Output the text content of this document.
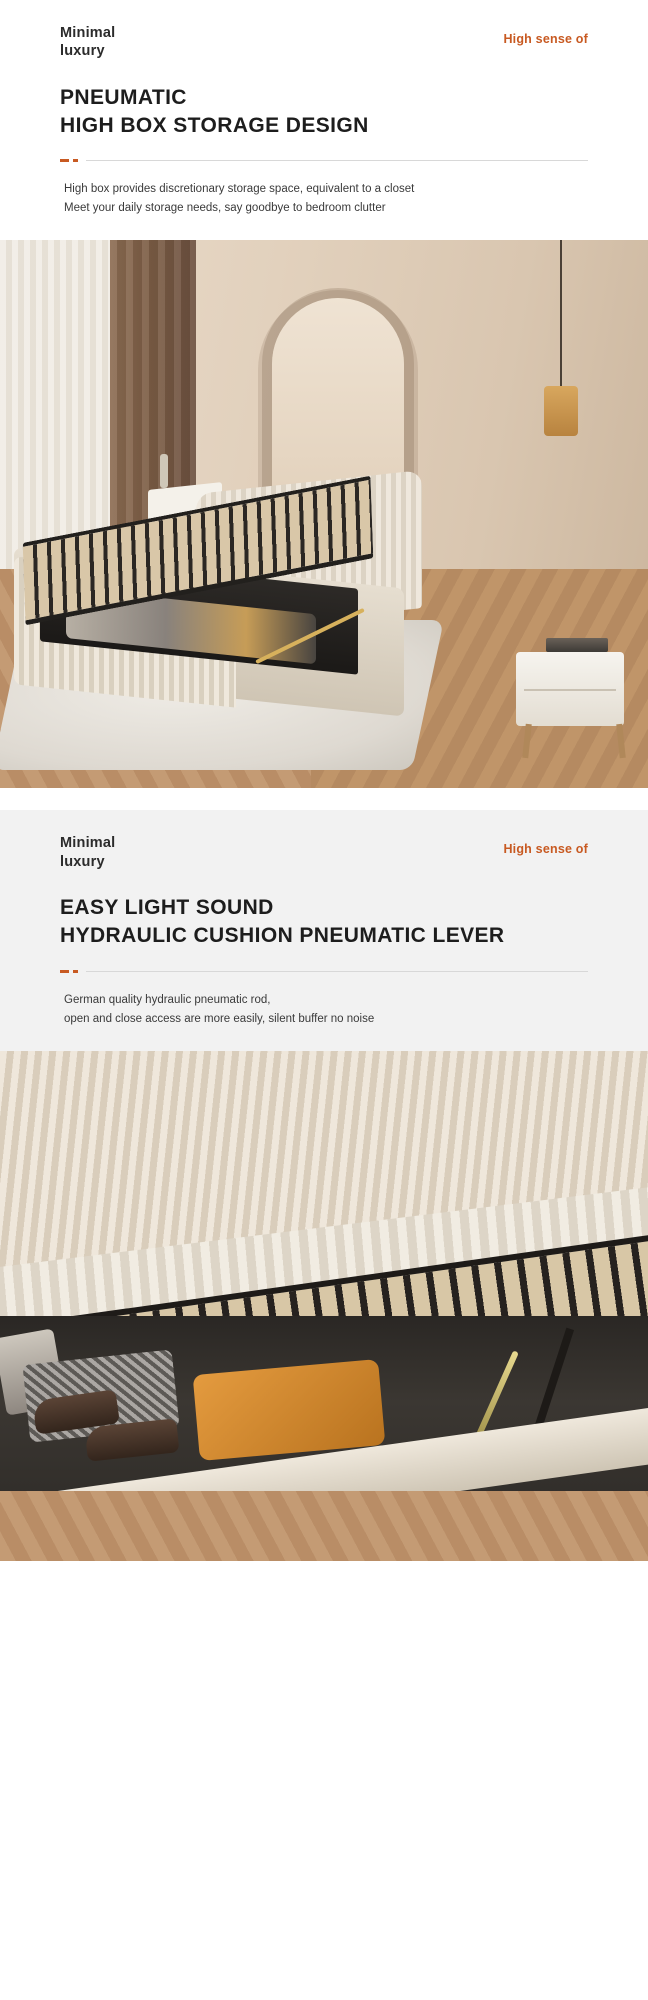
Minimal
luxury
High sense of
PNEUMATIC
HIGH BOX STORAGE DESIGN
High box provides discretionary storage space, equivalent to a closet
Meet your daily storage needs, say goodbye to bedroom clutter
Minimal
luxury
High sense of
EASY LIGHT SOUND
HYDRAULIC CUSHION PNEUMATIC LEVER
German quality hydraulic pneumatic rod,
open and close access are more easily, silent buffer no noise
